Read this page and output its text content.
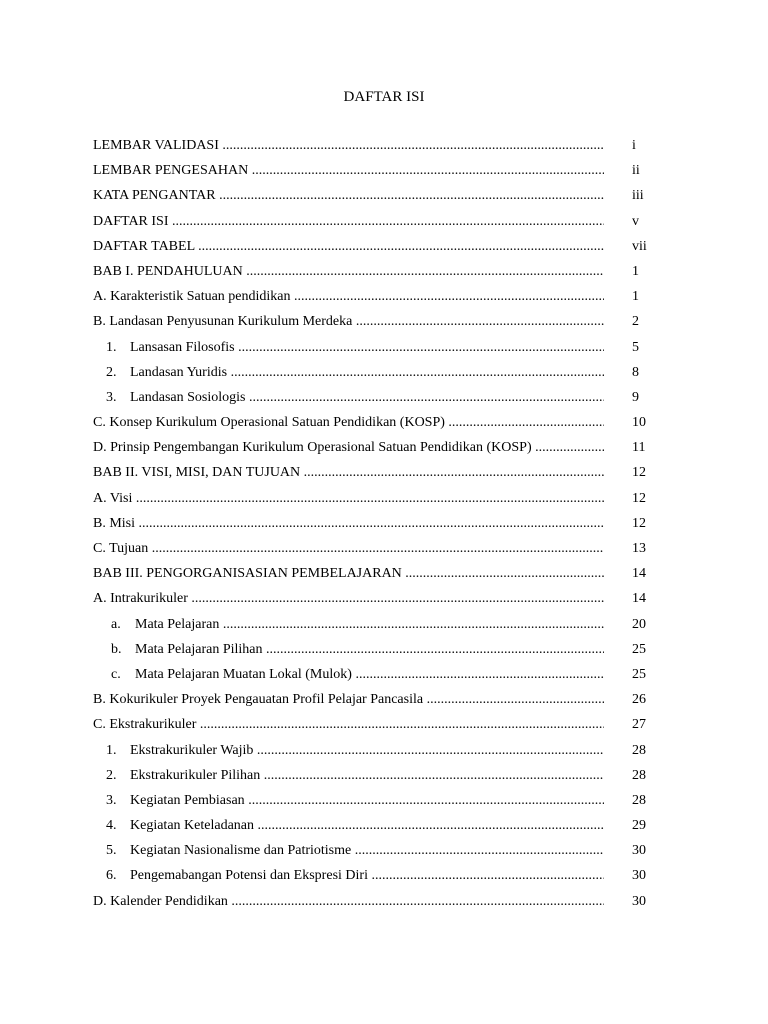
DAFTAR ISI
LEMBAR VALIDASI .....	i
LEMBAR PENGESAHAN .....	ii
KATA PENGANTAR .....	iii
DAFTAR ISI .....	v
DAFTAR TABEL .....	vii
BAB I. PENDAHULUAN .....	1
A. Karakteristik Satuan pendidikan .....	1
B. Landasan Penyusunan Kurikulum Merdeka .....	2
1. Lansasan Filosofis .....	5
2. Landasan Yuridis .....	8
3. Landasan Sosiologis .....	9
C. Konsep Kurikulum Operasional Satuan Pendidikan (KOSP) .....	10
D. Prinsip Pengembangan Kurikulum Operasional Satuan Pendidikan (KOSP) .....	11
BAB II. VISI, MISI, DAN TUJUAN .....	12
A. Visi .....	12
B. Misi .....	12
C. Tujuan .....	13
BAB III. PENGORGANISASIAN PEMBELAJARAN .....	14
A. Intrakurikuler .....	14
a. Mata Pelajaran .....	20
b. Mata Pelajaran Pilihan .....	25
c. Mata Pelajaran Muatan Lokal (Mulok) .....	25
B. Kokurikuler Proyek Pengauatan Profil Pelajar Pancasila .....	26
C. Ekstrakurikuler .....	27
1. Ekstrakurikuler Wajib .....	28
2. Ekstrakurikuler Pilihan .....	28
3. Kegiatan Pembiasan .....	28
4. Kegiatan Keteladanan .....	29
5. Kegiatan Nasionalisme dan Patriotisme .....	30
6. Pengemabangan Potensi dan Ekspresi Diri .....	30
D. Kalender Pendidikan .....	30
